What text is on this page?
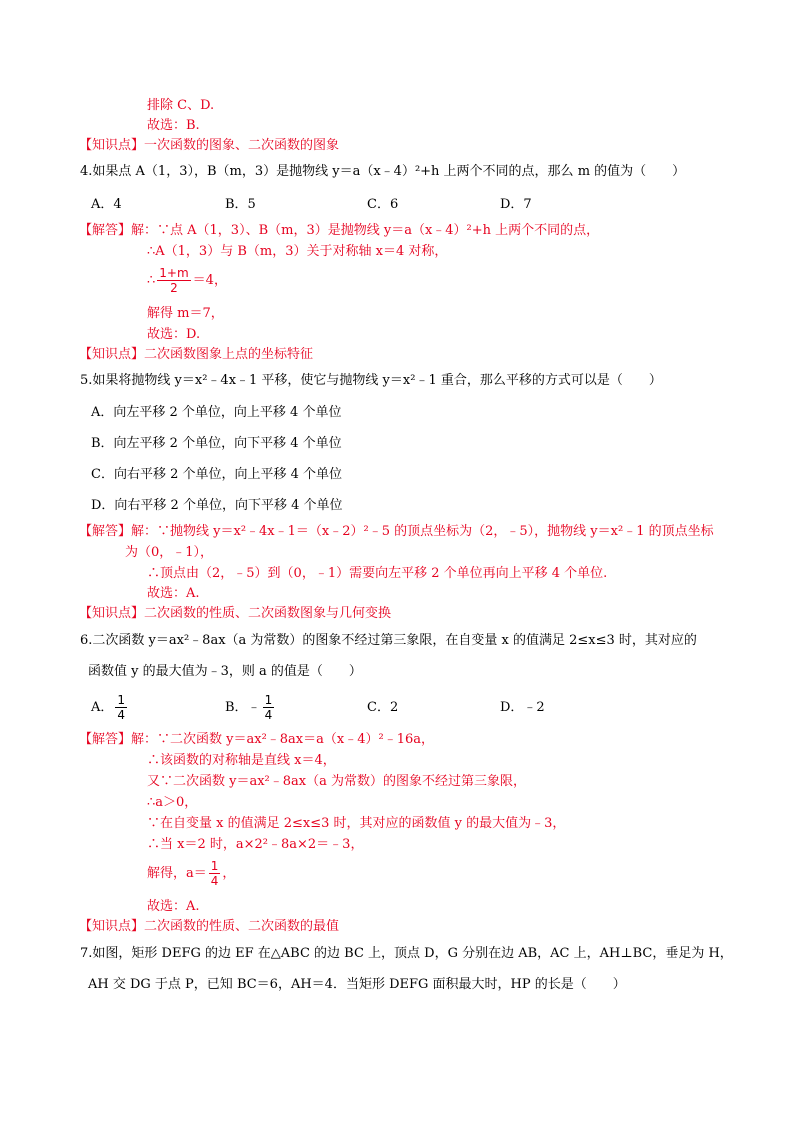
排除 C、D.
故选：B.
【知识点】一次函数的图象、二次函数的图象
4.如果点 A（1，3），B（m，3）是抛物线 y＝a（x﹣4）²+h 上两个不同的点，那么 m 的值为（　　）
A．4	B．5	C．6	D．7
【解答】解：∵点 A（1，3）、B（m，3）是抛物线 y＝a（x﹣4）²+h 上两个不同的点，
∴A（1，3）与 B（m，3）关于对称轴 x＝4 对称，
∴ $\frac{1+m}{2} =4$，
解得 m＝7，
故选：D.
【知识点】二次函数图象上点的坐标特征
5.如果将抛物线 y＝x²﹣4x﹣1 平移，使它与抛物线 y＝x²﹣1 重合，那么平移的方式可以是（　　）
A．向左平移 2 个单位，向上平移 4 个单位
B．向左平移 2 个单位，向下平移 4 个单位
C．向右平移 2 个单位，向上平移 4 个单位
D．向右平移 2 个单位，向下平移 4 个单位
【解答】解：∵抛物线 y＝x²﹣4x﹣1＝（x﹣2）²﹣5 的顶点坐标为（2，﹣5），抛物线 y＝x²﹣1 的顶点坐标
为（0，﹣1），
∴顶点由（2，﹣5）到（0，﹣1）需要向左平移 2 个单位再向上平移 4 个单位.
故选：A.
【知识点】二次函数的性质、二次函数图象与几何变换
6.二次函数 y＝ax²﹣8ax（a 为常数）的图象不经过第三象限，在自变量 x 的值满足 2≤x≤3 时，其对应的
函数值 y 的最大值为﹣3，则 a 的值是（　　）
A． $\frac{1}{4}$	B．﹣ $\frac{1}{4}$	C．2	D．﹣2
【解答】解：∵二次函数 y＝ax²﹣8ax＝a（x﹣4）²﹣16a，
∴该函数的对称轴是直线 x＝4，
又∵二次函数 y＝ax²﹣8ax（a 为常数）的图象不经过第三象限，
∴a＞0，
∵在自变量 x 的值满足 2≤x≤3 时，其对应的函数值 y 的最大值为﹣3，
∴当 x＝2 时，a×2²﹣8a×2＝﹣3，
解得，$a= \frac{1}{4}$ ，
故选：A.
【知识点】二次函数的性质、二次函数的最值
7.如图，矩形 DEFG 的边 EF 在△ABC 的边 BC 上，顶点 D，G 分别在边 AB，AC 上，AH⊥BC，垂足为 H，
AH 交 DG 于点 P，已知 BC＝6，AH＝4．当矩形 DEFG 面积最大时，HP 的长是（　　）
